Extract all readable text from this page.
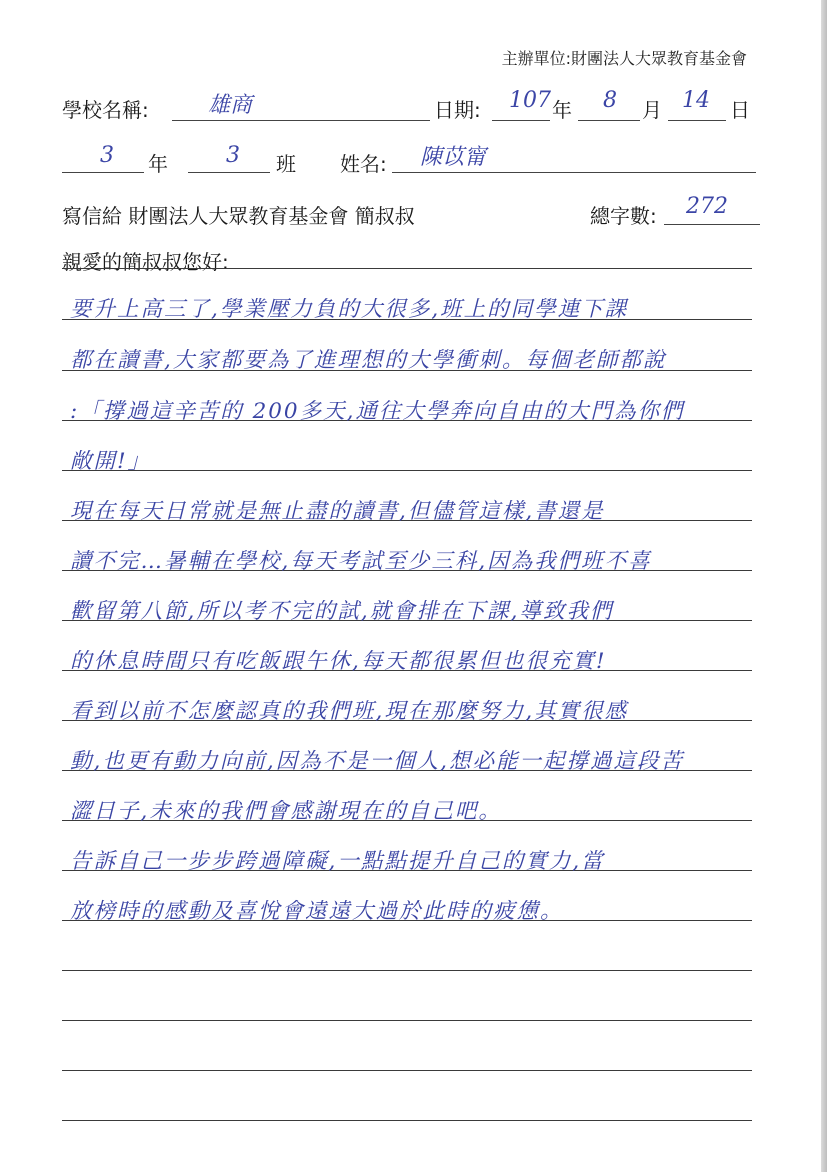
主辦單位:財團法人大眾教育基金會
學校名稱:	雄商	日期:	107 年	8	月 14	日
3	年	3	班 姓名:	陳苡甯
寫信給 財團法人大眾教育基金會 簡叔叔	總字數:	272
親愛的簡叔叔您好:
要升上高三了,學業壓力負的大很多,班上的同學連下課
都在讀書,大家都要為了進理想的大學衝刺。每個老師都說
:「撐過這辛苦的 200多天,通往大學奔向自由的大門為你們
敞開!」
現在每天日常就是無止盡的讀書,但儘管這樣,書還是
讀不完…暑輔在學校,每天考試至少三科,因為我們班不喜
歡留第八節,所以考不完的試,就會排在下課,導致我們
的休息時間只有吃飯跟午休,每天都很累但也很充實!
看到以前不怎麼認真的我們班,現在那麼努力,其實很感
動,也更有動力向前,因為不是一個人,想必能一起撐過這段苦
澀日子,未來的我們會感謝現在的自己吧。
告訴自己一步步跨過障礙,一點點提升自己的實力,當
放榜時的感動及喜悅會遠遠大過於此時的疲憊。
